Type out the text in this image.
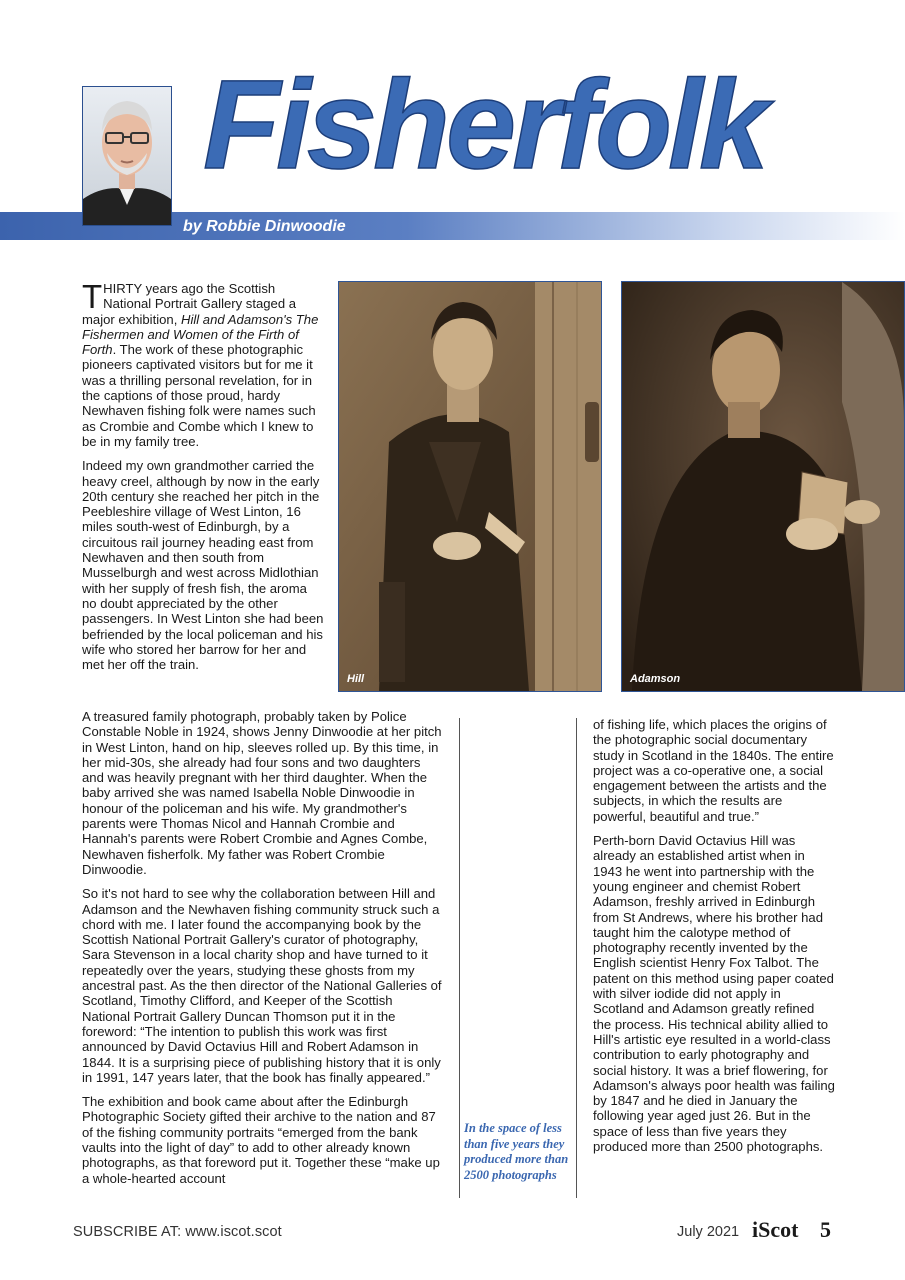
Fisherfolk
by Robbie Dinwoodie

THIRTY years ago the Scottish National Portrait Gallery staged a major exhibition, Hill and Adamson's The Fishermen and Women of the Firth of Forth. The work of these photographic pioneers captivated visitors but for me it was a thrilling personal revelation, for in the captions of those proud, hardy Newhaven fishing folk were names such as Crombie and Combe which I knew to be in my family tree.

Indeed my own grandmother carried the heavy creel, although by now in the early 20th century she reached her pitch in the Peebleshire village of West Linton, 16 miles south-west of Edinburgh, by a circuitous rail journey heading east from Newhaven and then south from Musselburgh and west across Midlothian with her supply of fresh fish, the aroma no doubt appreciated by the other passengers. In West Linton she had been befriended by the local policeman and his wife who stored her barrow for her and met her off the train.

Hill	Adamson

A treasured family photograph, probably taken by Police Constable Noble in 1924, shows Jenny Dinwoodie at her pitch in West Linton, hand on hip, sleeves rolled up. By this time, in her mid-30s, she already had four sons and two daughters and was heavily pregnant with her third daughter. When the baby arrived she was named Isabella Noble Dinwoodie in honour of the policeman and his wife. My grandmother's parents were Thomas Nicol and Hannah Crombie and Hannah's parents were Robert Crombie and Agnes Combe, Newhaven fisherfolk. My father was Robert Crombie Dinwoodie.

So it's not hard to see why the collaboration between Hill and Adamson and the Newhaven fishing community struck such a chord with me. I later found the accompanying book by the Scottish National Portrait Gallery's curator of photography, Sara Stevenson in a local charity shop and have turned to it repeatedly over the years, studying these ghosts from my ancestral past. As the then director of the National Galleries of Scotland, Timothy Clifford, and Keeper of the Scottish National Portrait Gallery Duncan Thomson put it in the foreword: “The intention to publish this work was first announced by David Octavius Hill and Robert Adamson in 1844. It is a surprising piece of publishing history that it is only in 1991, 147 years later, that the book has finally appeared.”

The exhibition and book came about after the Edinburgh Photographic Society gifted their archive to the nation and 87 of the fishing community portraits “emerged from the bank vaults into the light of day” to add to other already known photographs, as that foreword put it. Together these “make up a whole-hearted account

In the space of less than five years they produced more than 2500 photographs

of fishing life, which places the origins of the photographic social documentary study in Scotland in the 1840s. The entire project was a co-operative one, a social engagement between the artists and the subjects, in which the results are powerful, beautiful and true.”

Perth-born David Octavius Hill was already an established artist when in 1943 he went into partnership with the young engineer and chemist Robert Adamson, freshly arrived in Edinburgh from St Andrews, where his brother had taught him the calotype method of photography recently invented by the English scientist Henry Fox Talbot. The patent on this method using paper coated with silver iodide did not apply in Scotland and Adamson greatly refined the process. His technical ability allied to Hill's artistic eye resulted in a world-class contribution to early photography and social history. It was a brief flowering, for Adamson's always poor health was failing by 1847 and he died in January the following year aged just 26. But in the space of less than five years they produced more than 2500 photographs.

SUBSCRIBE AT: www.iscot.scot	July 2021 iScot 5
